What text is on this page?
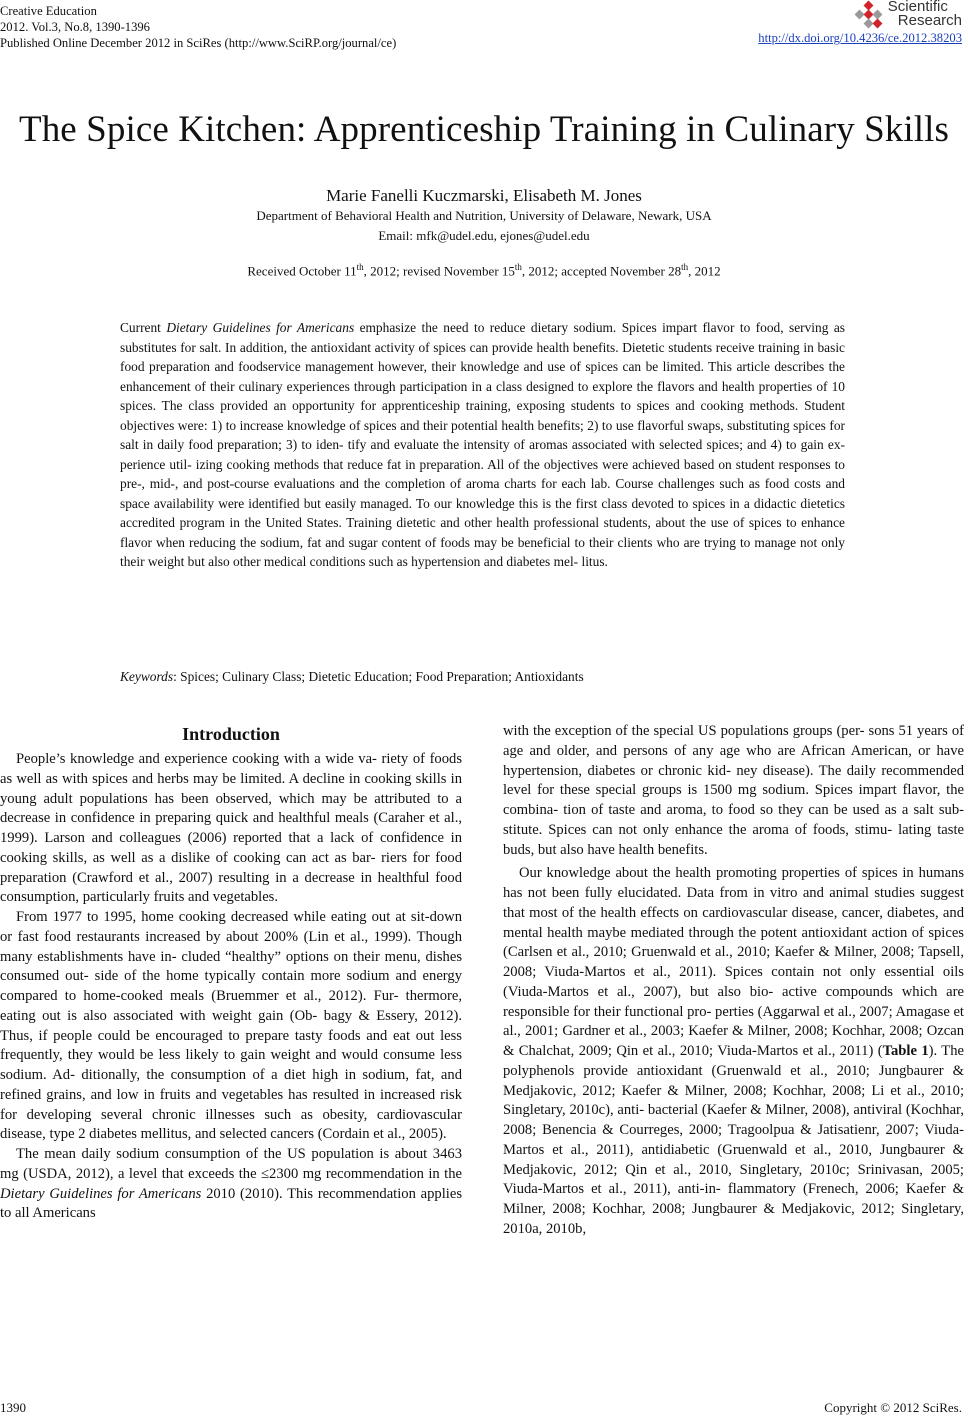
Creative Education
2012. Vol.3, No.8, 1390-1396
Published Online December 2012 in SciRes (http://www.SciRP.org/journal/ce)
Scientific
Research
http://dx.doi.org/10.4236/ce.2012.38203
The Spice Kitchen: Apprenticeship Training in Culinary Skills
Marie Fanelli Kuczmarski, Elisabeth M. Jones
Department of Behavioral Health and Nutrition, University of Delaware, Newark, USA
Email: mfk@udel.edu, ejones@udel.edu
Received October 11th, 2012; revised November 15th, 2012; accepted November 28th, 2012
Current Dietary Guidelines for Americans emphasize the need to reduce dietary sodium. Spices impart flavor to food, serving as substitutes for salt. In addition, the antioxidant activity of spices can provide health benefits. Dietetic students receive training in basic food preparation and foodservice management however, their knowledge and use of spices can be limited. This article describes the enhancement of their culinary experiences through participation in a class designed to explore the flavors and health properties of 10 spices. The class provided an opportunity for apprenticeship training, exposing students to spices and cooking methods. Student objectives were: 1) to increase knowledge of spices and their potential health benefits; 2) to use flavorful swaps, substituting spices for salt in daily food preparation; 3) to iden- tify and evaluate the intensity of aromas associated with selected spices; and 4) to gain ex- perience util- izing cooking methods that reduce fat in preparation. All of the objectives were achieved based on student responses to pre-, mid-, and post-course evaluations and the completion of aroma charts for each lab. Course challenges such as food costs and space availability were identified but easily managed. To our knowledge this is the first class devoted to spices in a didactic dietetics accredited program in the United States. Training dietetic and other health professional students, about the use of spices to enhance flavor when reducing the sodium, fat and sugar content of foods may be beneficial to their clients who are trying to manage not only their weight but also other medical conditions such as hypertension and diabetes mel- litus.
Keywords: Spices; Culinary Class; Dietetic Education; Food Preparation; Antioxidants
Introduction

People’s knowledge and experience cooking with a wide va- riety of foods as well as with spices and herbs may be limited. A decline in cooking skills in young adult populations has been observed, which may be attributed to a decrease in confidence in preparing quick and healthful meals (Caraher et al., 1999). Larson and colleagues (2006) reported that a lack of confidence in cooking skills, as well as a dislike of cooking can act as bar- riers for food preparation (Crawford et al., 2007) resulting in a decrease in healthful food consumption, particularly fruits and vegetables.

From 1977 to 1995, home cooking decreased while eating out at sit-down or fast food restaurants increased by about 200% (Lin et al., 1999). Though many establishments have in- cluded “healthy” options on their menu, dishes consumed out- side of the home typically contain more sodium and energy compared to home-cooked meals (Bruemmer et al., 2012). Fur- thermore, eating out is also associated with weight gain (Ob- bagy & Essery, 2012). Thus, if people could be encouraged to prepare tasty foods and eat out less frequently, they would be less likely to gain weight and would consume less sodium. Ad- ditionally, the consumption of a diet high in sodium, fat, and refined grains, and low in fruits and vegetables has resulted in increased risk for developing several chronic illnesses such as obesity, cardiovascular disease, type 2 diabetes mellitus, and selected cancers (Cordain et al., 2005).

The mean daily sodium consumption of the US population is about 3463 mg (USDA, 2012), a level that exceeds the ≤2300 mg recommendation in the Dietary Guidelines for Americans 2010 (2010). This recommendation applies to all Americans

with the exception of the special US populations groups (per- sons 51 years of age and older, and persons of any age who are African American, or have hypertension, diabetes or chronic kid- ney disease). The daily recommended level for these special groups is 1500 mg sodium. Spices impart flavor, the combina- tion of taste and aroma, to food so they can be used as a salt sub- stitute. Spices can not only enhance the aroma of foods, stimu- lating taste buds, but also have health benefits.

Our knowledge about the health promoting properties of spices in humans has not been fully elucidated. Data from in vitro and animal studies suggest that most of the health effects on cardiovascular disease, cancer, diabetes, and mental health maybe mediated through the potent antioxidant action of spices (Carlsen et al., 2010; Gruenwald et al., 2010; Kaefer & Milner, 2008; Tapsell, 2008; Viuda-Martos et al., 2011). Spices contain not only essential oils (Viuda-Martos et al., 2007), but also bio- active compounds which are responsible for their functional pro- perties (Aggarwal et al., 2007; Amagase et al., 2001; Gardner et al., 2003; Kaefer & Milner, 2008; Kochhar, 2008; Ozcan & Chalchat, 2009; Qin et al., 2010; Viuda-Martos et al., 2011) (Table 1). The polyphenols provide antioxidant (Gruenwald et al., 2010; Jungbaurer & Medjakovic, 2012; Kaefer & Milner, 2008; Kochhar, 2008; Li et al., 2010; Singletary, 2010c), anti- bacterial (Kaefer & Milner, 2008), antiviral (Kochhar, 2008; Benencia & Courreges, 2000; Tragoolpua & Jatisatienr, 2007; Viuda-Martos et al., 2011), antidiabetic (Gruenwald et al., 2010, Jungbaurer & Medjakovic, 2012; Qin et al., 2010, Singletary, 2010c; Srinivasan, 2005; Viuda-Martos et al., 2011), anti-in- flammatory (Frenech, 2006; Kaefer & Milner, 2008; Kochhar, 2008; Jungbaurer & Medjakovic, 2012; Singletary, 2010a, 2010b,

1390	Copyright © 2012 SciRes.
